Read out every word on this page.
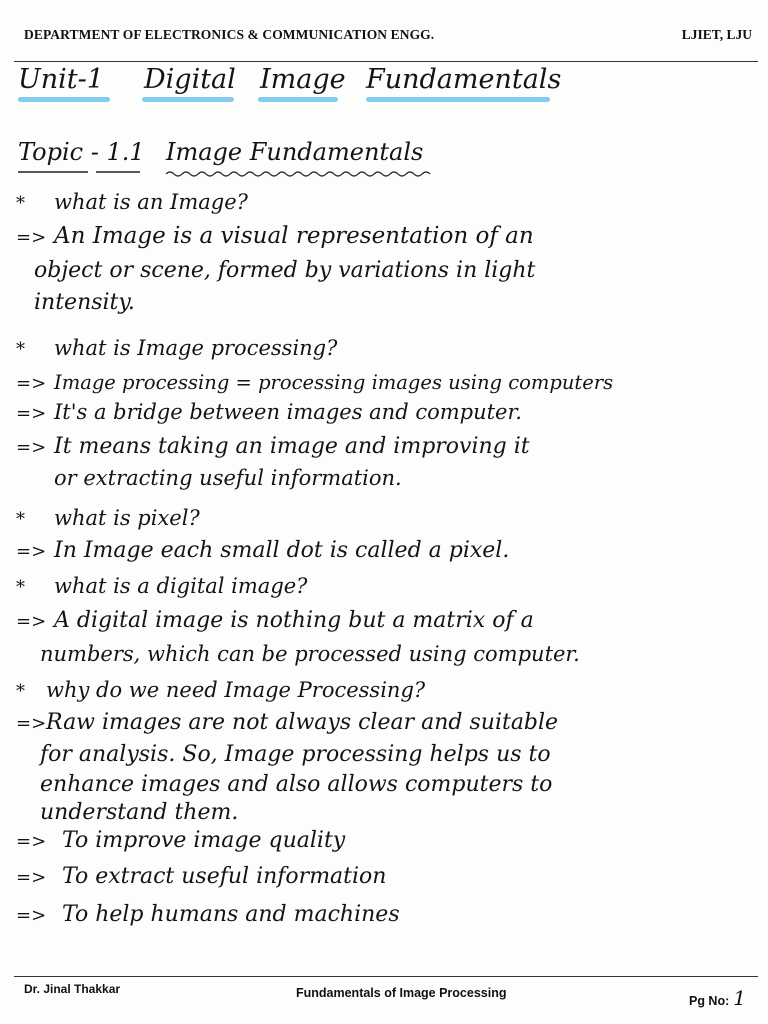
DEPARTMENT OF ELECTRONICS & COMMUNICATION ENGG.	LJIET, LJU
Unit-1 Digital Image Fundamentals
Topic - 1.1 Image Fundamentals
* what is an Image?
=> An Image is a visual representation of an
object or scene, formed by variations in light
intensity.
* what is Image processing?
=> Image processing = processing images using computers
=> It's a bridge between images and computer.
=> It means taking an image and improving it
or extracting useful information.
* what is pixel?
=> In Image each small dot is called a pixel.
* what is a digital image?
=> A digital image is nothing but a matrix of a
numbers, which can be processed using computer.
* why do we need Image Processing?
=>Raw images are not always clear and suitable
for analysis. So, Image processing helps us to
enhance images and also allows computers to
understand them.
=> To improve image quality
=> To extract useful information
=> To help humans and machines
Dr. Jinal Thakkar	Fundamentals of Image Processing
Pg No: 1
